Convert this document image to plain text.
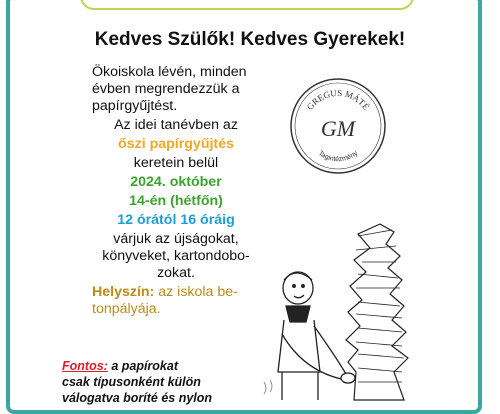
Kedves Szülők! Kedves Gyerekek!

Ökoiskola lévén, minden

évben megrendezzük a

papírgyűjtést.

Az idei tanévben az

őszi papírgyűjtés

keretein belül

2024. október

14-én (hétfőn)

12 órától 16 óráig

várjuk az újságokat,

könyveket, kartondobo-

zokat.

Helyszín: az iskola be-

tonpályája.

Fontos: a papírokat
csak típusonként külön
válogatva boríté és nylon
GREGUS MÁTÉ
GM
Tagintézmény
